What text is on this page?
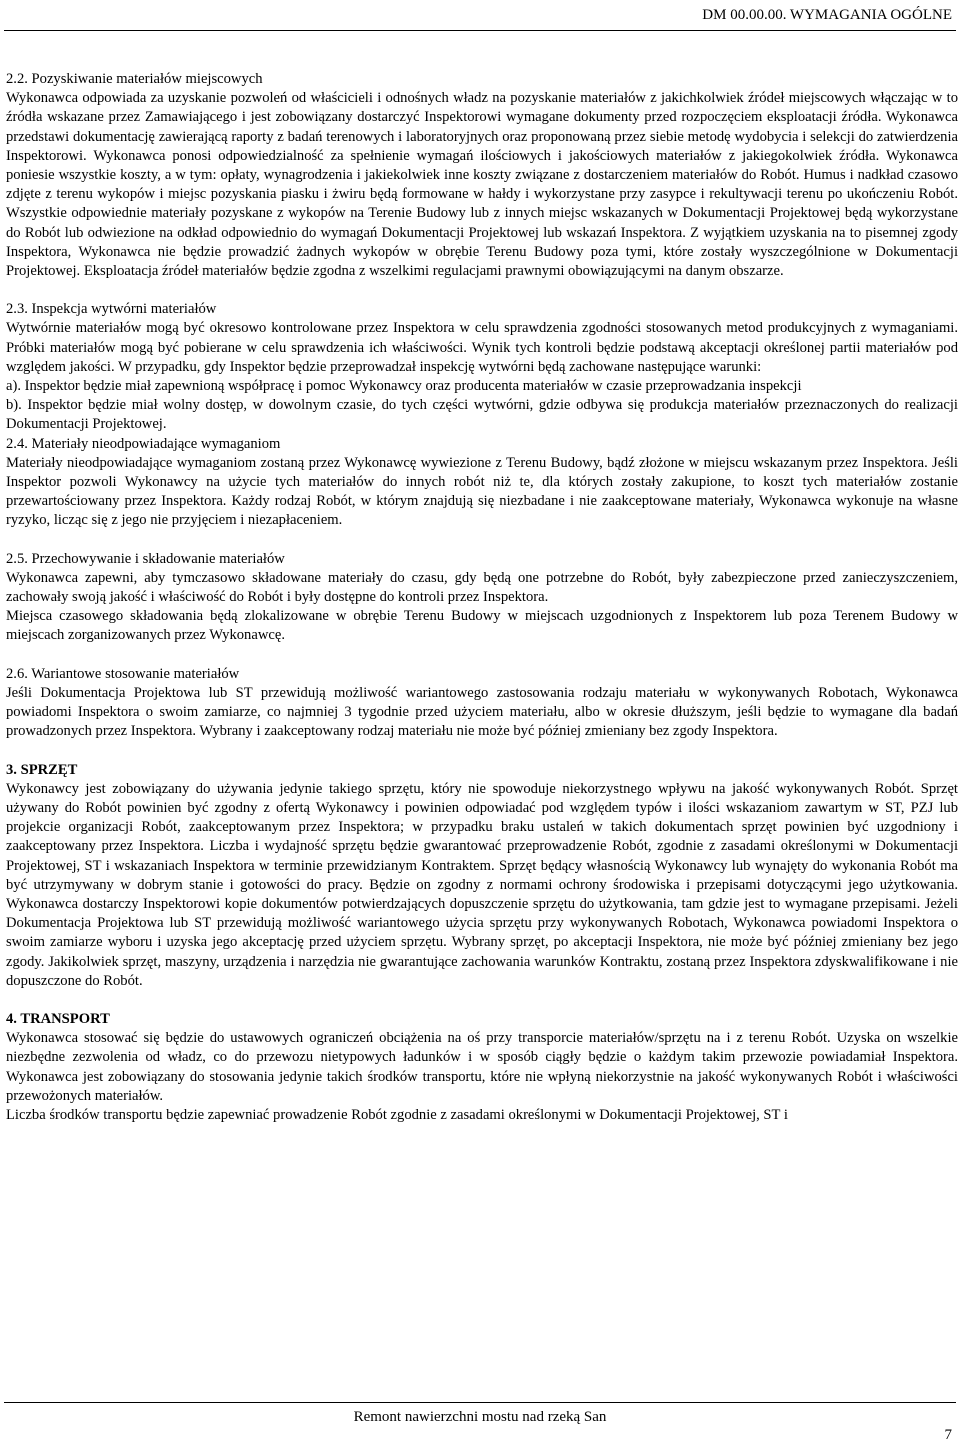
DM 00.00.00. WYMAGANIA OGÓLNE

2.2. Pozyskiwanie materiałów miejscowych

Wykonawca odpowiada za uzyskanie pozwoleń od właścicieli i odnośnych władz na pozyskanie materiałów z jakichkolwiek źródeł miejscowych włączając w to źródła wskazane przez Zamawiającego i jest zobowiązany dostarczyć Inspektorowi wymagane dokumenty przed rozpoczęciem eksploatacji źródła. Wykonawca przedstawi dokumentację zawierającą raporty z badań terenowych i laboratoryjnych oraz proponowaną przez siebie metodę wydobycia i selekcji do zatwierdzenia Inspektorowi. Wykonawca ponosi odpowiedzialność za spełnienie wymagań ilościowych i jakościowych materiałów z jakiegokolwiek źródła. Wykonawca poniesie wszystkie koszty, a w tym: opłaty, wynagrodzenia i jakiekolwiek inne koszty związane z dostarczeniem materiałów do Robót. Humus i nadkład czasowo zdjęte z terenu wykopów i miejsc pozyskania piasku i żwiru będą formowane w hałdy i wykorzystane przy zasypce i rekultywacji terenu po ukończeniu Robót. Wszystkie odpowiednie materiały pozyskane z wykopów na Terenie Budowy lub z innych miejsc wskazanych w Dokumentacji Projektowej będą wykorzystane do Robót lub odwiezione na odkład odpowiednio do wymagań Dokumentacji Projektowej lub wskazań Inspektora. Z wyjątkiem uzyskania na to pisemnej zgody Inspektora, Wykonawca nie będzie prowadzić żadnych wykopów w obrębie Terenu Budowy poza tymi, które zostały wyszczególnione w Dokumentacji Projektowej. Eksploatacja źródeł materiałów będzie zgodna z wszelkimi regulacjami prawnymi obowiązującymi na danym obszarze.

2.3. Inspekcja wytwórni materiałów

Wytwórnie materiałów mogą być okresowo kontrolowane przez Inspektora w celu sprawdzenia zgodności stosowanych metod produkcyjnych z wymaganiami. Próbki materiałów mogą być pobierane w celu sprawdzenia ich właściwości. Wynik tych kontroli będzie podstawą akceptacji określonej partii materiałów pod względem jakości. W przypadku, gdy Inspektor będzie przeprowadzał inspekcję wytwórni będą zachowane następujące warunki:

a). Inspektor będzie miał zapewnioną współpracę i pomoc Wykonawcy oraz producenta materiałów w czasie przeprowadzania inspekcji

b). Inspektor będzie miał wolny dostęp, w dowolnym czasie, do tych części wytwórni, gdzie odbywa się produkcja materiałów przeznaczonych do realizacji Dokumentacji Projektowej.

2.4. Materiały nieodpowiadające wymaganiom

Materiały nieodpowiadające wymaganiom zostaną przez Wykonawcę wywiezione z Terenu Budowy, bądź złożone w miejscu wskazanym przez Inspektora. Jeśli Inspektor pozwoli Wykonawcy na użycie tych materiałów do innych robót niż te, dla których zostały zakupione, to koszt tych materiałów zostanie przewartościowany przez Inspektora. Każdy rodzaj Robót, w którym znajdują się niezbadane i nie zaakceptowane materiały, Wykonawca wykonuje na własne ryzyko, licząc się z jego nie przyjęciem i niezapłaceniem.

2.5. Przechowywanie i składowanie materiałów

Wykonawca zapewni, aby tymczasowo składowane materiały do czasu, gdy będą one potrzebne do Robót, były zabezpieczone przed zanieczyszczeniem, zachowały swoją jakość i właściwość do Robót i były dostępne do kontroli przez Inspektora.

Miejsca czasowego składowania będą zlokalizowane w obrębie Terenu Budowy w miejscach uzgodnionych z Inspektorem lub poza Terenem Budowy w miejscach zorganizowanych przez Wykonawcę.

2.6. Wariantowe stosowanie materiałów

Jeśli Dokumentacja Projektowa lub ST przewidują możliwość wariantowego zastosowania rodzaju materiału w wykonywanych Robotach, Wykonawca powiadomi Inspektora o swoim zamiarze, co najmniej 3 tygodnie przed użyciem materiału, albo w okresie dłuższym, jeśli będzie to wymagane dla badań prowadzonych przez Inspektora. Wybrany i zaakceptowany rodzaj materiału nie może być później zmieniany bez zgody Inspektora.

3. SPRZĘT

Wykonawcy jest zobowiązany do używania jedynie takiego sprzętu, który nie spowoduje niekorzystnego wpływu na jakość wykonywanych Robót. Sprzęt używany do Robót powinien być zgodny z ofertą Wykonawcy i powinien odpowiadać pod względem typów i ilości wskazaniom zawartym w ST, PZJ lub projekcie organizacji Robót, zaakceptowanym przez Inspektora; w przypadku braku ustaleń w takich dokumentach sprzęt powinien być uzgodniony i zaakceptowany przez Inspektora. Liczba i wydajność sprzętu będzie gwarantować przeprowadzenie Robót, zgodnie z zasadami określonymi w Dokumentacji Projektowej, ST i wskazaniach Inspektora w terminie przewidzianym Kontraktem. Sprzęt będący własnością Wykonawcy lub wynajęty do wykonania Robót ma być utrzymywany w dobrym stanie i gotowości do pracy. Będzie on zgodny z normami ochrony środowiska i przepisami dotyczącymi jego użytkowania. Wykonawca dostarczy Inspektorowi kopie dokumentów potwierdzających dopuszczenie sprzętu do użytkowania, tam gdzie jest to wymagane przepisami. Jeżeli Dokumentacja Projektowa lub ST przewidują możliwość wariantowego użycia sprzętu przy wykonywanych Robotach, Wykonawca powiadomi Inspektora o swoim zamiarze wyboru i uzyska jego akceptację przed użyciem sprzętu. Wybrany sprzęt, po akceptacji Inspektora, nie może być później zmieniany bez jego zgody. Jakikolwiek sprzęt, maszyny, urządzenia i narzędzia nie gwarantujące zachowania warunków Kontraktu, zostaną przez Inspektora zdyskwalifikowane i nie dopuszczone do Robót.

4. TRANSPORT

Wykonawca stosować się będzie do ustawowych ograniczeń obciążenia na oś przy transporcie materiałów/sprzętu na i z terenu Robót. Uzyska on wszelkie niezbędne zezwolenia od władz, co do przewozu nietypowych ładunków i w sposób ciągły będzie o każdym takim przewozie powiadamiał Inspektora. Wykonawca jest zobowiązany do stosowania jedynie takich środków transportu, które nie wpłyną niekorzystnie na jakość wykonywanych Robót i właściwości przewożonych materiałów.

Liczba środków transportu będzie zapewniać prowadzenie Robót zgodnie z zasadami określonymi w Dokumentacji Projektowej, ST i

Remont nawierzchni mostu nad rzeką San
7
